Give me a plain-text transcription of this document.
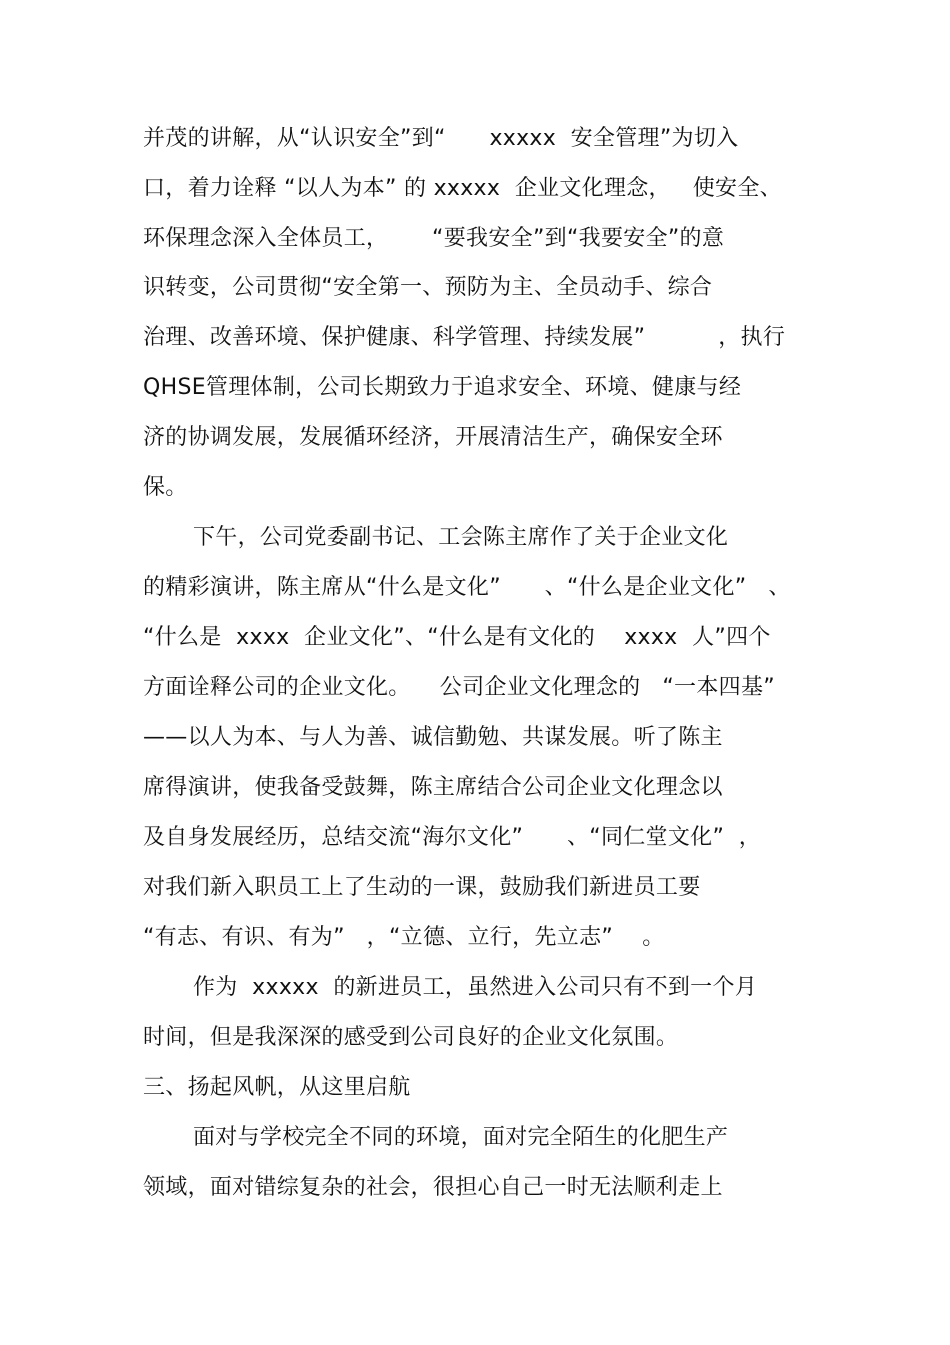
并茂的讲解，从“认识安全”到“      xxxxx  安全管理”为切入
口，着力诠释 “以人为本” 的 xxxxx  企业文化理念，   使安全、
环保理念深入全体员工，      “要我安全”到“我要安全”的意
识转变，公司贯彻“安全第一、预防为主、全员动手、综合
治理、改善环境、保护健康、科学管理、持续发展”          ，执行
QHSE管理体制，公司长期致力于追求安全、环境、健康与经
济的协调发展，发展循环经济，开展清洁生产，确保安全环
保。
下午，公司党委副书记、工会陈主席作了关于企业文化
的精彩演讲，陈主席从“什么是文化”      、“什么是企业文化”   、
“什么是  xxxx  企业文化”、“什么是有文化的    xxxx  人”四个
方面诠释公司的企业文化。    公司企业文化理念的   “一本四基”
——以人为本、与人为善、诚信勤勉、共谋发展。听了陈主
席得演讲，使我备受鼓舞，陈主席结合公司企业文化理念以
及自身发展经历，总结交流“海尔文化”      、“同仁堂文化”  ，
对我们新入职员工上了生动的一课，鼓励我们新进员工要
“有志、有识、有为”   ，“立德、立行，先立志”    。
作为  xxxxx  的新进员工，虽然进入公司只有不到一个月
时间，但是我深深的感受到公司良好的企业文化氛围。
三、扬起风帆，从这里启航
面对与学校完全不同的环境，面对完全陌生的化肥生产
领域，面对错综复杂的社会，很担心自己一时无法顺利走上
